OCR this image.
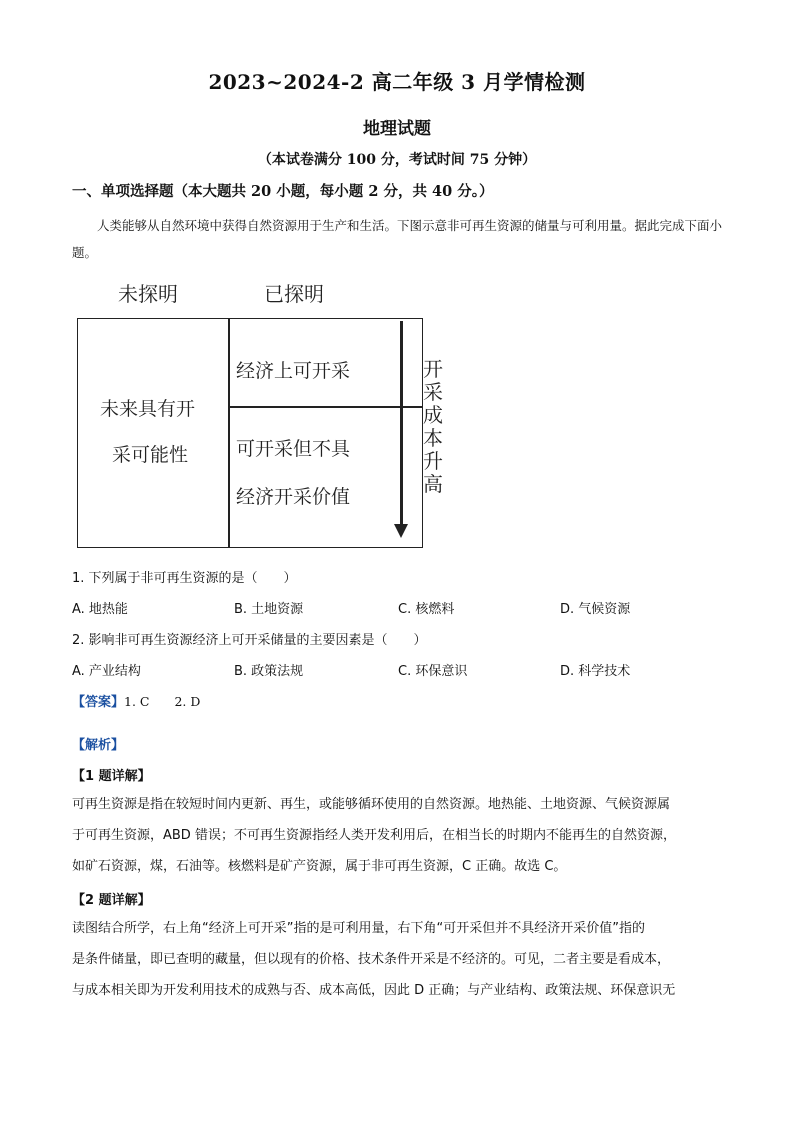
2023~2024-2 高二年级 3 月学情检测
地理试题
（本试卷满分 100 分，考试时间 75 分钟）
一、单项选择题（本大题共 20 小题，每小题 2 分，共 40 分。）
人类能够从自然环境中获得自然资源用于生产和生活。下图示意非可再生资源的储量与可利用量。据此完成下面小题。
未探明	已探明
未来具有开
采可能性
经济上可开采
可开采但不具
经济开采价值
开采成本升高
1. 下列属于非可再生资源的是（　　）
A. 地热能	B. 土地资源	C. 核燃料	D. 气候资源
2. 影响非可再生资源经济上可开采储量的主要因素是（　　）
A. 产业结构	B. 政策法规	C. 环保意识	D. 科学技术
【答案】1. C　　2. D
【解析】
【1 题详解】
可再生资源是指在较短时间内更新、再生，或能够循环使用的自然资源。地热能、土地资源、气候资源属
于可再生资源，ABD 错误；不可再生资源指经人类开发利用后，在相当长的时期内不能再生的自然资源，
如矿石资源，煤，石油等。核燃料是矿产资源，属于非可再生资源，C 正确。故选 C。
【2 题详解】
读图结合所学，右上角“经济上可开采”指的是可利用量，右下角“可开采但并不具经济开采价值”指的
是条件储量，即已查明的藏量，但以现有的价格、技术条件开采是不经济的。可见，二者主要是看成本，
与成本相关即为开发利用技术的成熟与否、成本高低，因此 D 正确；与产业结构、政策法规、环保意识无
